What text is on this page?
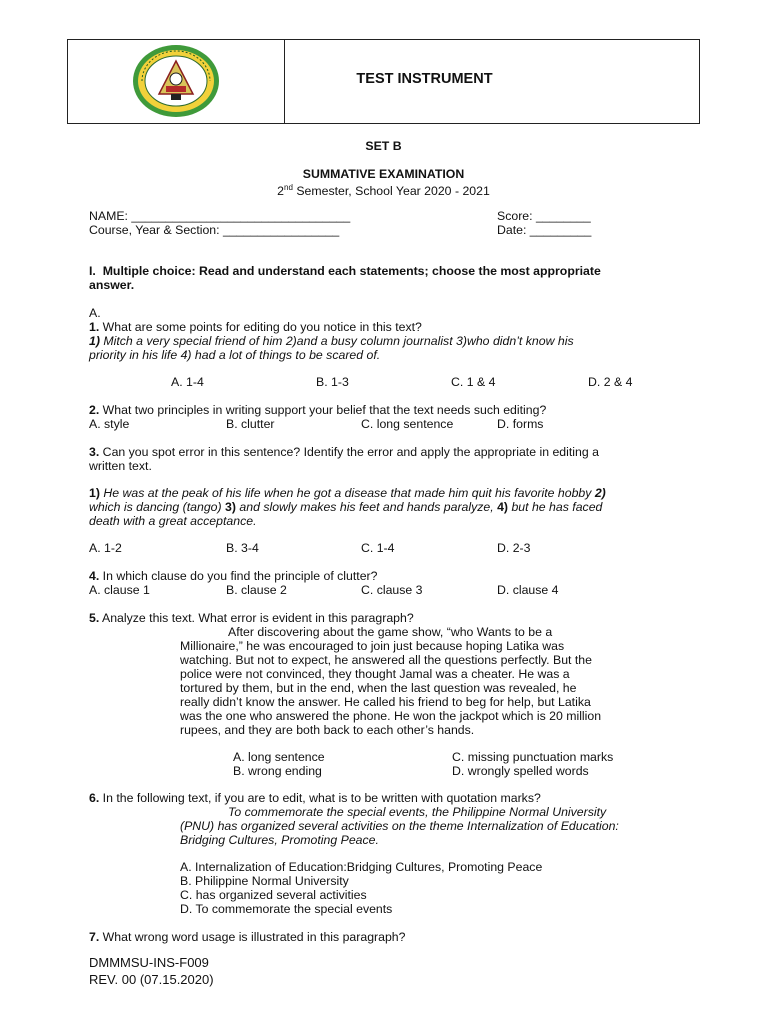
TEST INSTRUMENT
SET B
SUMMATIVE EXAMINATION
2nd Semester, School Year 2020 - 2021
NAME: ________________________________
Course, Year & Section: _________________
Score: ________
Date: _________
I. Multiple choice: Read and understand each statements; choose the most appropriate
answer.
A.
1. What are some points for editing do you notice in this text?
1) Mitch a very special friend of him 2)and a busy column journalist 3)who didn’t know his
priority in his life 4) had a lot of things to be scared of.
A. 1-4	B. 1-3	C. 1 & 4	D. 2 & 4
2. What two principles in writing support your belief that the text needs such editing?
A. style	B. clutter	C. long sentence	D. forms
3. Can you spot error in this sentence? Identify the error and apply the appropriate in editing a
written text.
1) He was at the peak of his life when he got a disease that made him quit his favorite hobby 2)
which is dancing (tango) 3) and slowly makes his feet and hands paralyze, 4) but he has faced
death with a great acceptance.
A. 1-2	B. 3-4	C. 1-4	D. 2-3
4. In which clause do you find the principle of clutter?
A. clause 1	B. clause 2	C. clause 3	D. clause 4
5. Analyze this text. What error is evident in this paragraph?
After discovering about the game show, “who Wants to be a
Millionaire,” he was encouraged to join just because hoping Latika was
watching. But not to expect, he answered all the questions perfectly. But the
police were not convinced, they thought Jamal was a cheater. He was a
tortured by them, but in the end, when the last question was revealed, he
really didn’t know the answer. He called his friend to beg for help, but Latika
was the one who answered the phone. He won the jackpot which is 20 million
rupees, and they are both back to each other’s hands.
A. long sentence
B. wrong ending
C. missing punctuation marks
D. wrongly spelled words
6. In the following text, if you are to edit, what is to be written with quotation marks?
To commemorate the special events, the Philippine Normal University
(PNU) has organized several activities on the theme Internalization of Education:
Bridging Cultures, Promoting Peace.
A. Internalization of Education:Bridging Cultures, Promoting Peace
B. Philippine Normal University
C. has organized several activities
D. To commemorate the special events
7. What wrong word usage is illustrated in this paragraph?
DMMMSU-INS-F009
REV. 00 (07.15.2020)
